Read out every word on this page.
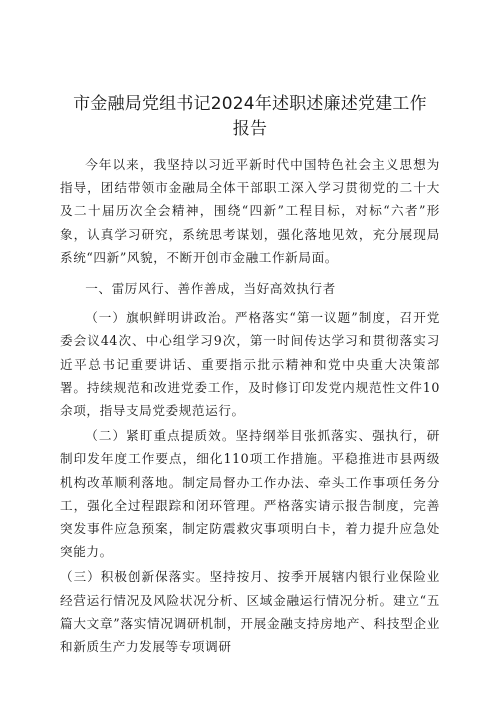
市金融局党组书记2024年述职述廉述党建工作
报告

今年以来，我坚持以习近平新时代中国特色社会主义思想为指导，团结带领市金融局全体干部职工深入学习贯彻党的二十大及二十届历次全会精神，围绕“四新”工程目标，对标“六者”形象，认真学习研究，系统思考谋划，强化落地见效，充分展现局系统“四新”风貌，不断开创市金融工作新局面。

一、雷厉风行、善作善成，当好高效执行者

（一）旗帜鲜明讲政治。严格落实“第一议题”制度，召开党委会议44次、中心组学习9次，第一时间传达学习和贯彻落实习近平总书记重要讲话、重要指示批示精神和党中央重大决策部署。持续规范和改进党委工作，及时修订印发党内规范性文件10余项，指导支局党委规范运行。

（二）紧盯重点提质效。坚持纲举目张抓落实、强执行，研制印发年度工作要点，细化110项工作措施。平稳推进市县两级机构改革顺利落地。制定局督办工作办法、牵头工作事项任务分工，强化全过程跟踪和闭环管理。严格落实请示报告制度，完善突发事件应急预案，制定防震救灾事项明白卡，着力提升应急处突能力。

（三）积极创新保落实。坚持按月、按季开展辖内银行业保险业经营运行情况及风险状况分析、区域金融运行情况分析。建立“五篇大文章”落实情况调研机制，开展金融支持房地产、科技型企业和新质生产力发展等专项调研
